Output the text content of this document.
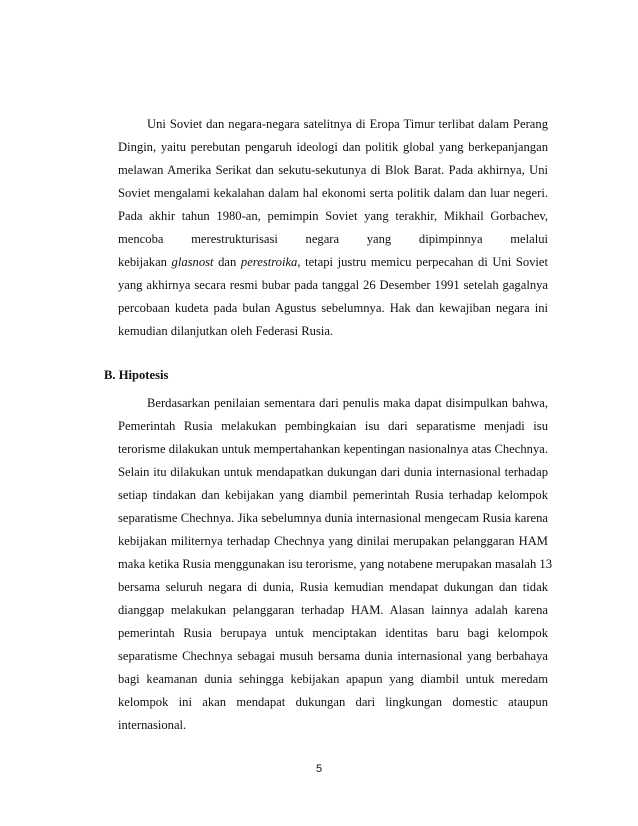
Uni Soviet dan negara-negara satelitnya di Eropa Timur terlibat dalam Perang
Dingin, yaitu perebutan pengaruh ideologi dan politik global yang berkepanjangan
melawan Amerika Serikat dan sekutu-sekutunya di Blok Barat. Pada akhirnya, Uni
Soviet mengalami kekalahan dalam hal ekonomi serta politik dalam dan luar negeri.
Pada akhir tahun 1980-an, pemimpin Soviet yang terakhir, Mikhail Gorbachev,
mencoba merestrukturisasi negara yang dipimpinnya melalui
kebijakan glasnost dan perestroika, tetapi justru memicu perpecahan di Uni Soviet
yang akhirnya secara resmi bubar pada tanggal 26 Desember 1991 setelah gagalnya
percobaan kudeta pada bulan Agustus sebelumnya. Hak dan kewajiban negara ini
kemudian dilanjutkan oleh Federasi Rusia.
B. Hipotesis
Berdasarkan penilaian sementara dari penulis maka dapat disimpulkan bahwa,
Pemerintah Rusia melakukan pembingkaian isu dari separatisme menjadi isu
terorisme dilakukan untuk mempertahankan kepentingan nasionalnya atas Chechnya.
Selain itu dilakukan untuk mendapatkan dukungan dari dunia internasional terhadap
setiap tindakan dan kebijakan yang diambil pemerintah Rusia terhadap kelompok
separatisme Chechnya. Jika sebelumnya dunia internasional mengecam Rusia karena
kebijakan militernya terhadap Chechnya yang dinilai merupakan pelanggaran HAM
maka ketika Rusia menggunakan isu terorisme, yang notabene merupakan masalah 13
bersama seluruh negara di dunia, Rusia kemudian mendapat dukungan dan tidak
dianggap melakukan pelanggaran terhadap HAM. Alasan lainnya adalah karena
pemerintah Rusia berupaya untuk menciptakan identitas baru bagi kelompok
separatisme Chechnya sebagai musuh bersama dunia internasional yang berbahaya
bagi keamanan dunia sehingga kebijakan apapun yang diambil untuk meredam
kelompok ini akan mendapat dukungan dari lingkungan domestic ataupun
internasional.
5
